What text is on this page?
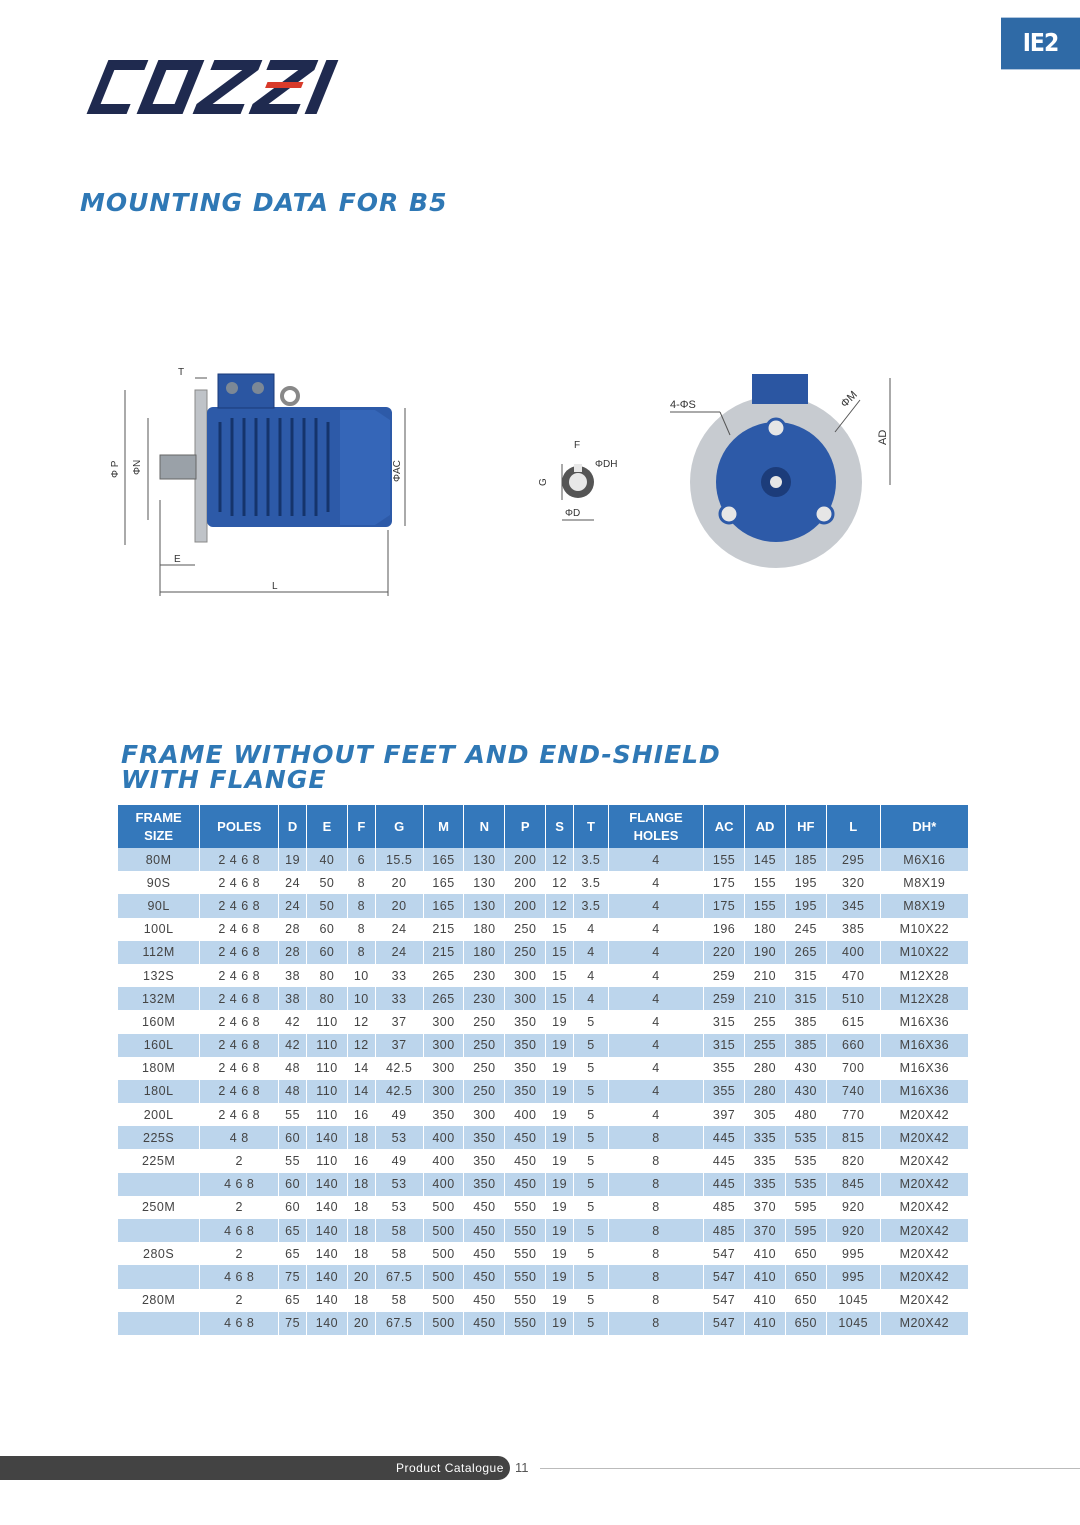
IE2
COZZI
MOUNTING DATA FOR B5
T
Φ P ΦN	ΦAC
E
L
F
G
ΦDH
ΦD
4-ΦS	ΦM
AD
FRAME WITHOUT FEET AND END-SHIELD
WITH FLANGE
FRAME
SIZE	POLES	D	E	F	G	M	N	P	S	T	FLANGE
HOLES	AC	AD	HF	L	DH*
80M	2 4 6 8	19	40	6	15.5	165	130	200	12	3.5	4	155	145	185	295	M6X16
90S	2 4 6 8	24	50	8	20	165	130	200	12	3.5	4	175	155	195	320	M8X19
90L	2 4 6 8	24	50	8	20	165	130	200	12	3.5	4	175	155	195	345	M8X19
100L	2 4 6 8	28	60	8	24	215	180	250	15	4	4	196	180	245	385	M10X22
112M	2 4 6 8	28	60	8	24	215	180	250	15	4	4	220	190	265	400	M10X22
132S	2 4 6 8	38	80	10	33	265	230	300	15	4	4	259	210	315	470	M12X28
132M	2 4 6 8	38	80	10	33	265	230	300	15	4	4	259	210	315	510	M12X28
160M	2 4 6 8	42	110	12	37	300	250	350	19	5	4	315	255	385	615	M16X36
160L	2 4 6 8	42	110	12	37	300	250	350	19	5	4	315	255	385	660	M16X36
180M	2 4 6 8	48	110	14	42.5	300	250	350	19	5	4	355	280	430	700	M16X36
180L	2 4 6 8	48	110	14	42.5	300	250	350	19	5	4	355	280	430	740	M16X36
200L	2 4 6 8	55	110	16	49	350	300	400	19	5	4	397	305	480	770	M20X42
225S	4 8	60	140	18	53	400	350	450	19	5	8	445	335	535	815	M20X42
225M	2	55	110	16	49	400	350	450	19	5	8	445	335	535	820	M20X42
	4 6 8	60	140	18	53	400	350	450	19	5	8	445	335	535	845	M20X42
250M	2	60	140	18	53	500	450	550	19	5	8	485	370	595	920	M20X42
	4 6 8	65	140	18	58	500	450	550	19	5	8	485	370	595	920	M20X42
280S	2	65	140	18	58	500	450	550	19	5	8	547	410	650	995	M20X42
	4 6 8	75	140	20	67.5	500	450	550	19	5	8	547	410	650	995	M20X42
280M	2	65	140	18	58	500	450	550	19	5	8	547	410	650	1045	M20X42
	4 6 8	75	140	20	67.5	500	450	550	19	5	8	547	410	650	1045	M20X42
Product Catalogue 11
